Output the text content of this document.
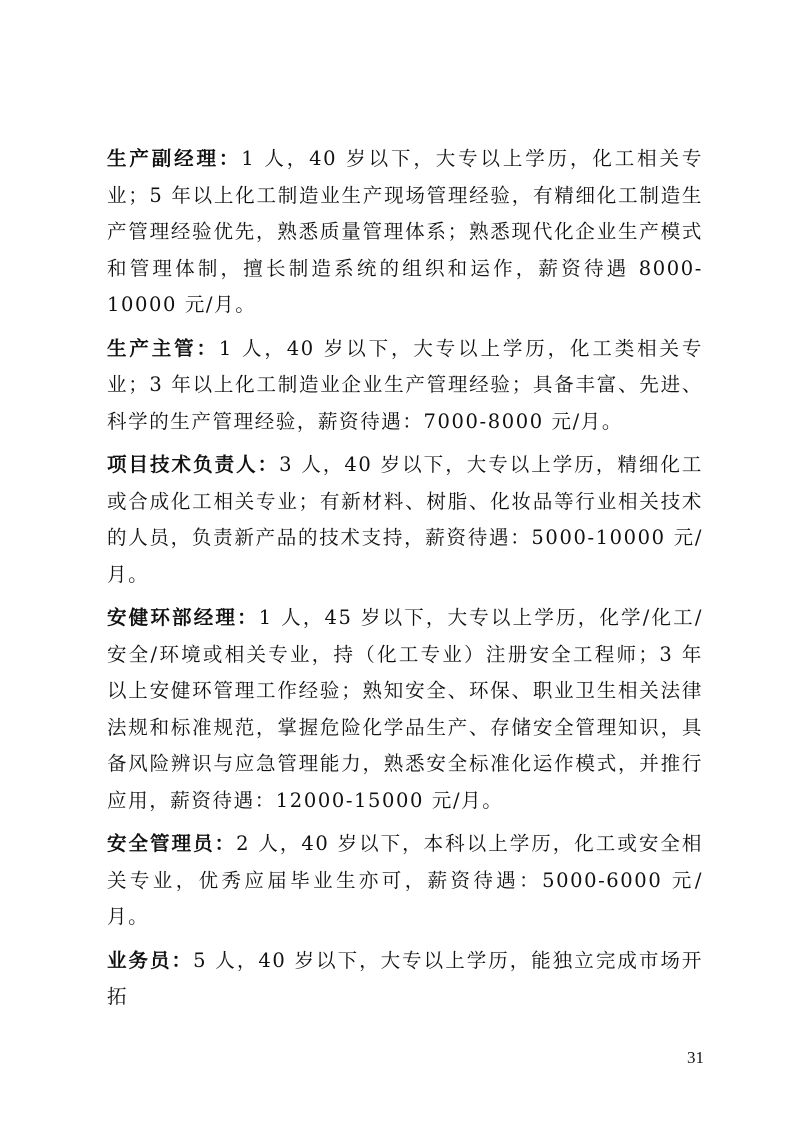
生产副经理：1 人，40 岁以下，大专以上学历，化工相关专业；5 年以上化工制造业生产现场管理经验，有精细化工制造生产管理经验优先，熟悉质量管理体系；熟悉现代化企业生产模式和管理体制，擅长制造系统的组织和运作，薪资待遇 8000-10000 元/月。

生产主管：1 人，40 岁以下，大专以上学历，化工类相关专业；3 年以上化工制造业企业生产管理经验；具备丰富、先进、科学的生产管理经验，薪资待遇：7000-8000 元/月。

项目技术负责人：3 人，40 岁以下，大专以上学历，精细化工或合成化工相关专业；有新材料、树脂、化妆品等行业相关技术的人员，负责新产品的技术支持，薪资待遇：5000-10000 元/月。

安健环部经理：1 人，45 岁以下，大专以上学历，化学/化工/安全/环境或相关专业，持（化工专业）注册安全工程师；3 年以上安健环管理工作经验；熟知安全、环保、职业卫生相关法律法规和标准规范，掌握危险化学品生产、存储安全管理知识，具备风险辨识与应急管理能力，熟悉安全标准化运作模式，并推行应用，薪资待遇：12000-15000 元/月。

安全管理员：2 人，40 岁以下，本科以上学历，化工或安全相关专业，优秀应届毕业生亦可，薪资待遇：5000-6000 元/月。

业务员：5 人，40 岁以下，大专以上学历，能独立完成市场开拓

31
